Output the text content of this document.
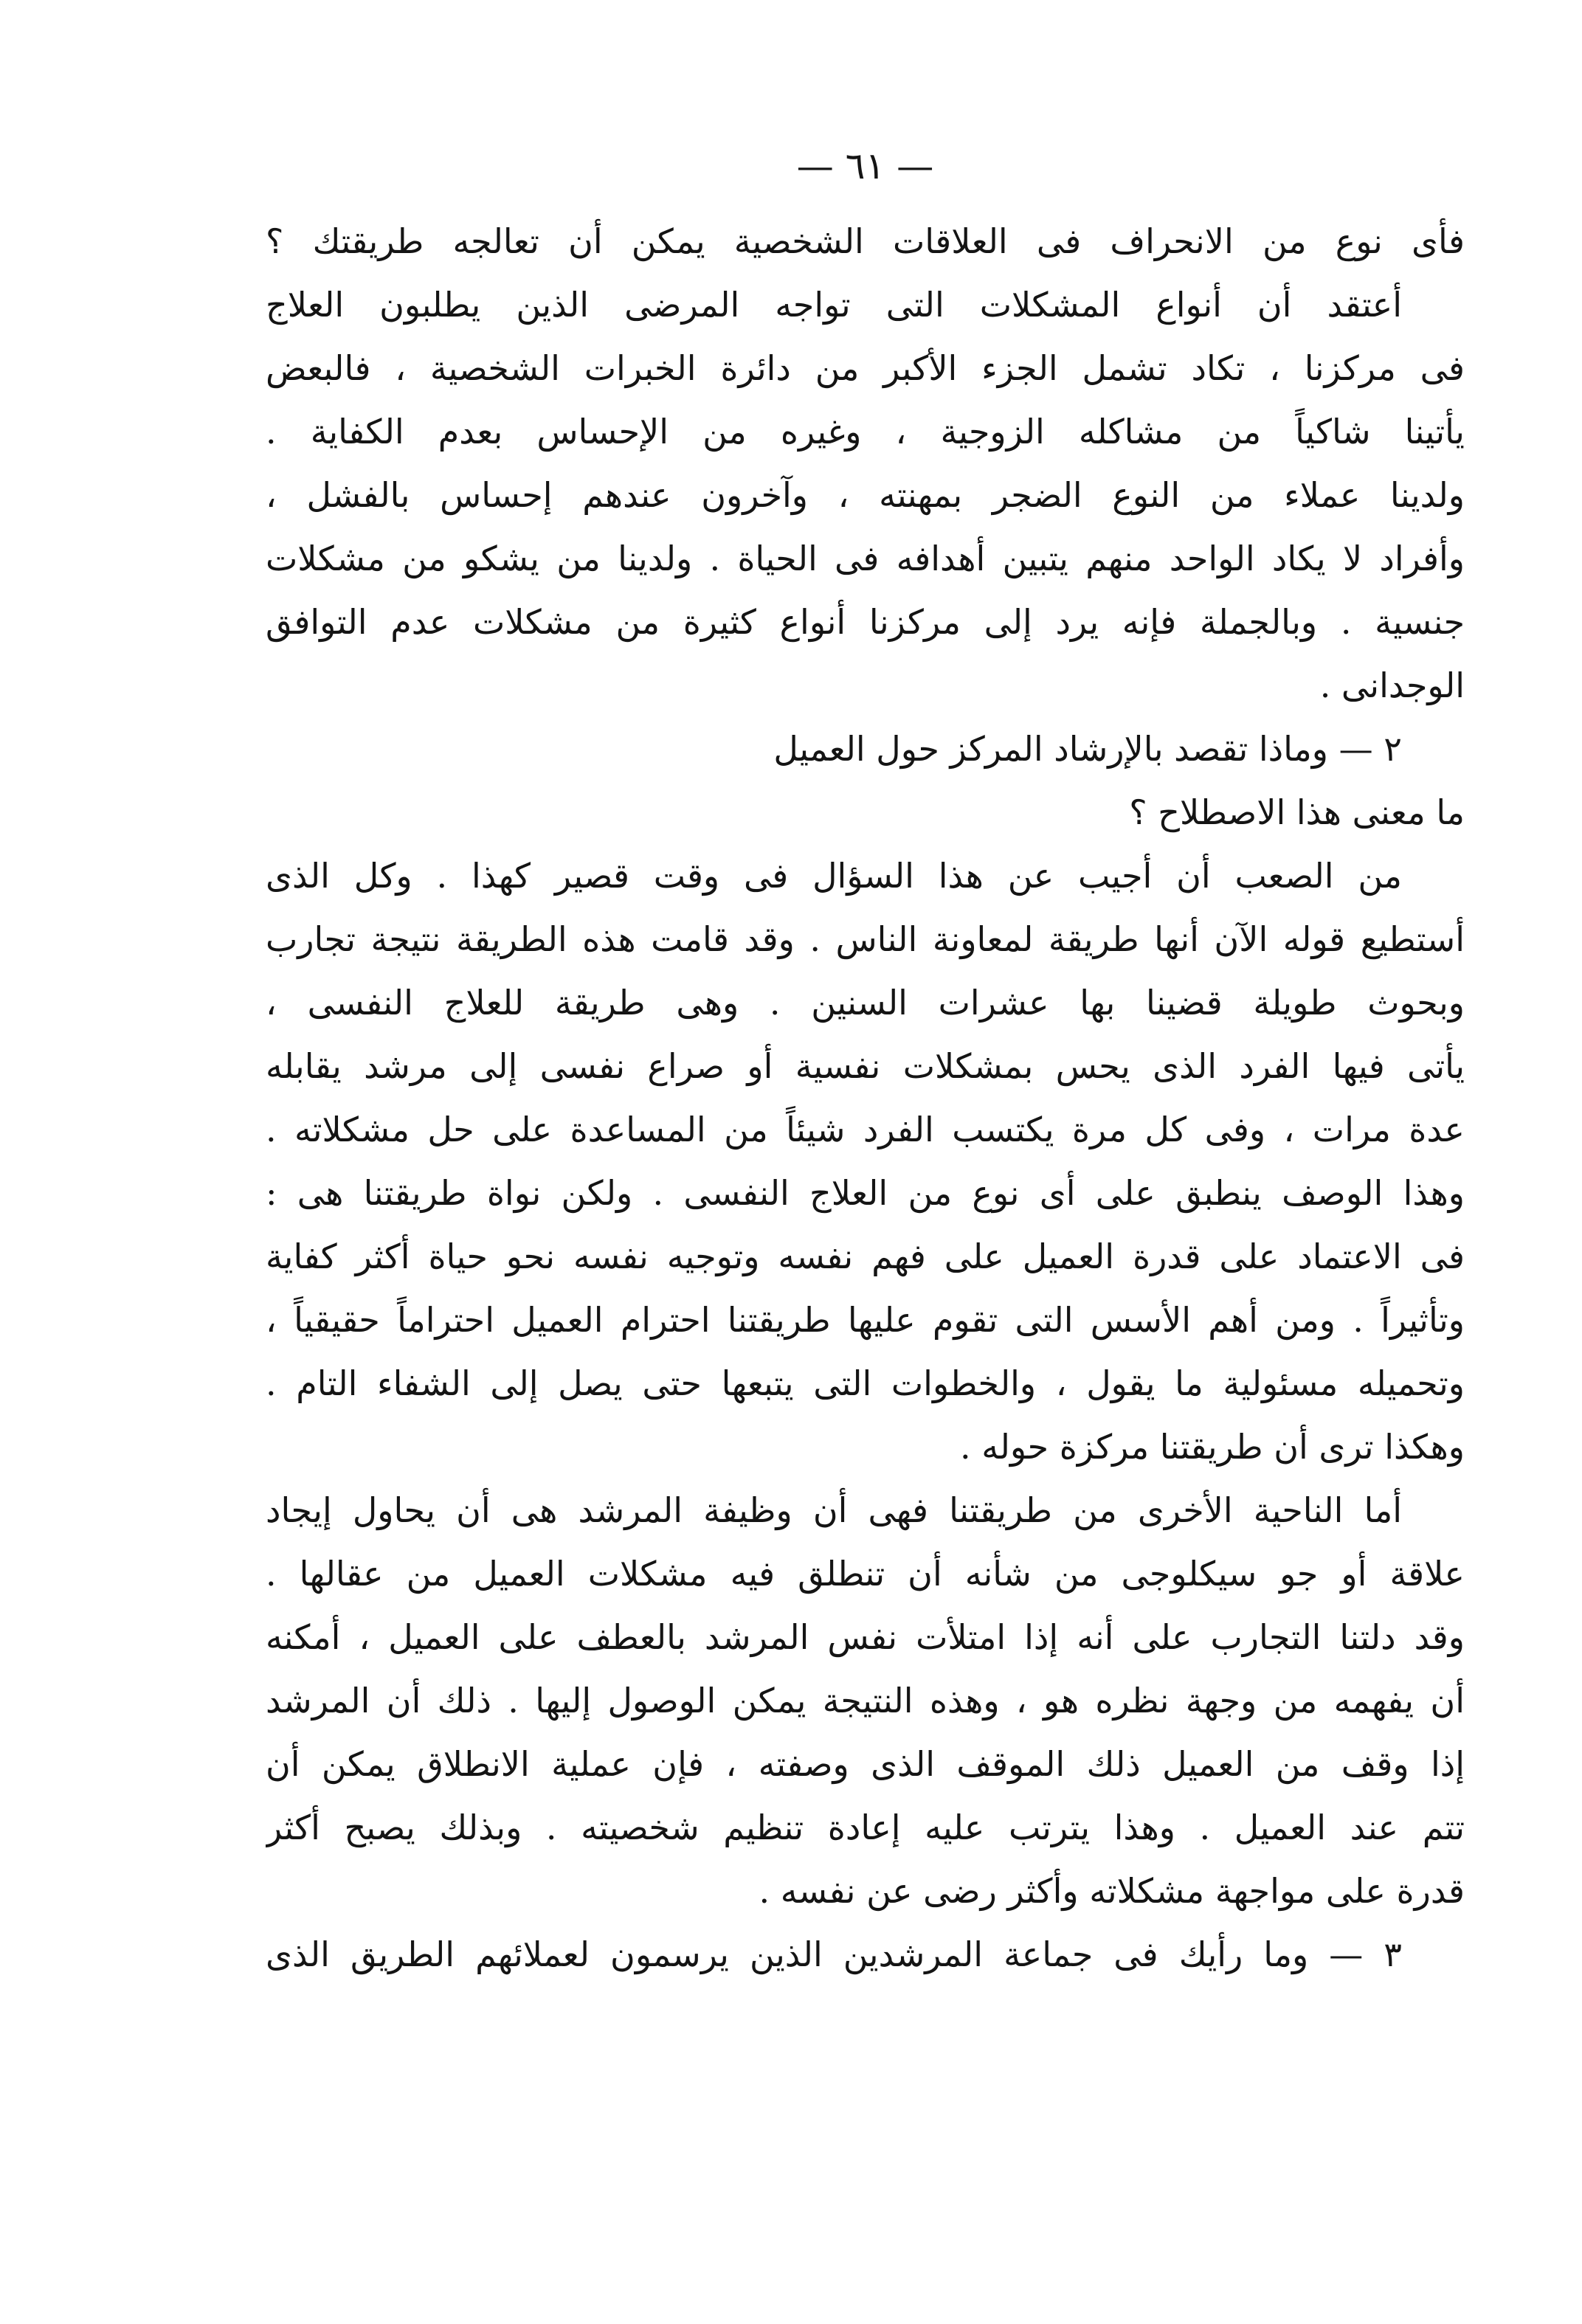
— ٦١ —
فأى نوع من الانحراف فى العلاقات الشخصية يمكن أن تعالجه طريقتك ؟
أعتقد أن أنواع المشكلات التى تواجه المرضى الذين يطلبون العلاج
فى مركزنا ، تكاد تشمل الجزء الأكبر من دائرة الخبرات الشخصية ، فالبعض
يأتينا شاكياً من مشاكله الزوجية ، وغيره من الإحساس بعدم الكفاية .
ولدينا عملاء من النوع الضجر بمهنته ، وآخرون عندهم إحساس بالفشل ،
وأفراد لا يكاد الواحد منهم يتبين أهدافه فى الحياة . ولدينا من يشكو من مشكلات
جنسية . وبالجملة فإنه يرد إلى مركزنا أنواع كثيرة من مشكلات عدم التوافق
الوجدانى .
٢ — وماذا تقصد بالإرشاد المركز حول العميل
ما معنى هذا الاصطلاح ؟
من الصعب أن أجيب عن هذا السؤال فى وقت قصير كهذا . وكل الذى
أستطيع قوله الآن أنها طريقة لمعاونة الناس . وقد قامت هذه الطريقة نتيجة تجارب
وبحوث طويلة قضينا بها عشرات السنين . وهى طريقة للعلاج النفسى ،
يأتى فيها الفرد الذى يحس بمشكلات نفسية أو صراع نفسى إلى مرشد يقابله
عدة مرات ، وفى كل مرة يكتسب الفرد شيئاً من المساعدة على حل مشكلاته .
وهذا الوصف ينطبق على أى نوع من العلاج النفسى . ولكن نواة طريقتنا هى :
فى الاعتماد على قدرة العميل على فهم نفسه وتوجيه نفسه نحو حياة أكثر كفاية
وتأثيراً . ومن أهم الأسس التى تقوم عليها طريقتنا احترام العميل احتراماً حقيقياً ،
وتحميله مسئولية ما يقول ، والخطوات التى يتبعها حتى يصل إلى الشفاء التام .
وهكذا ترى أن طريقتنا مركزة حوله .
أما الناحية الأخرى من طريقتنا فهى أن وظيفة المرشد هى أن يحاول إيجاد
علاقة أو جو سيكلوجى من شأنه أن تنطلق فيه مشكلات العميل من عقالها .
وقد دلتنا التجارب على أنه إذا امتلأت نفس المرشد بالعطف على العميل ، أمكنه
أن يفهمه من وجهة نظره هو ، وهذه النتيجة يمكن الوصول إليها . ذلك أن المرشد
إذا وقف من العميل ذلك الموقف الذى وصفته ، فإن عملية الانطلاق يمكن أن
تتم عند العميل . وهذا يترتب عليه إعادة تنظيم شخصيته . وبذلك يصبح أكثر
قدرة على مواجهة مشكلاته وأكثر رضى عن نفسه .
٣ — وما رأيك فى جماعة المرشدين الذين يرسمون لعملائهم الطريق الذى
